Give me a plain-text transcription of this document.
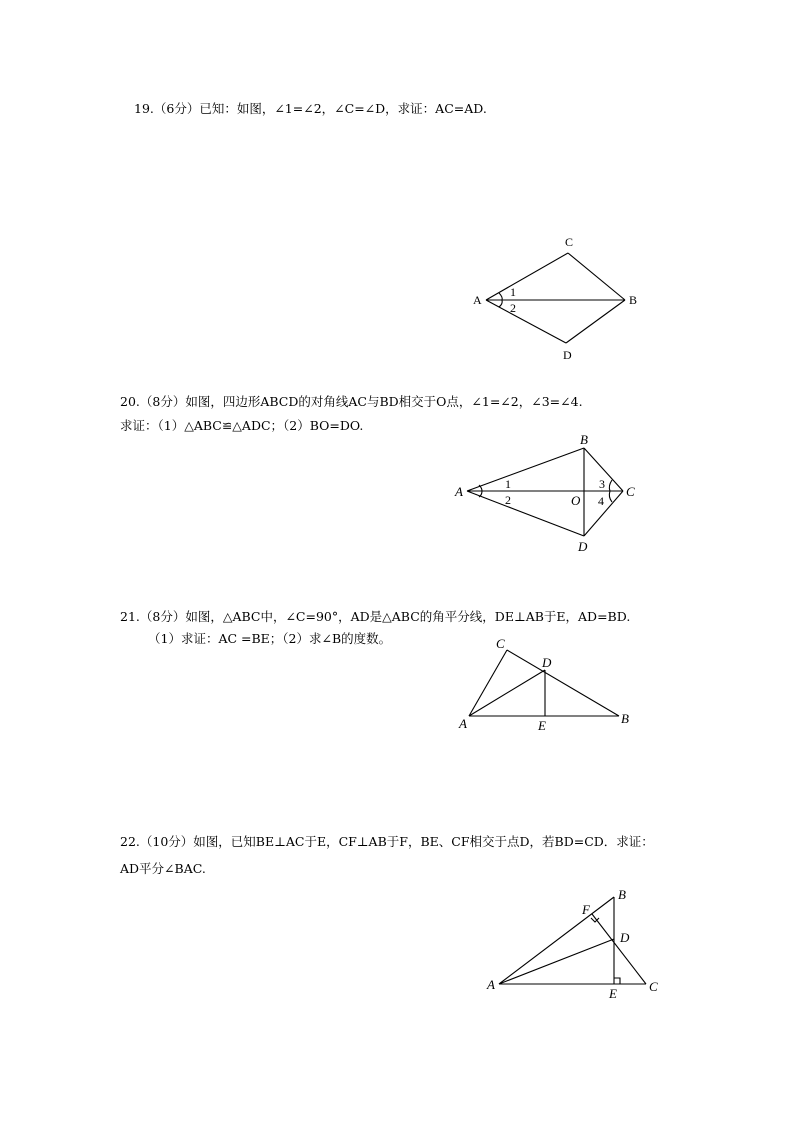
19.（6分）已知：如图，∠1=∠2，∠C=∠D，求证：AC=AD.
C
A	B
D
1
2
20.（8分）如图，四边形ABCD的对角线AC与BD相交于O点，∠1=∠2，∠3=∠4.
求证：（1）△ABC≌△ADC；（2）BO=DO.
B
A	C
O
D
1
2
3
4
21.（8分）如图，△ABC中，∠C=90°，AD是△ABC的角平分线，DE⊥AB于E，AD=BD.
（1）求证：AC =BE；（2）求∠B的度数。	C
D
A	E	B
22.（10分）如图，已知BE⊥AC于E，CF⊥AB于F，BE、CF相交于点D，若BD=CD．求证：
AD平分∠BAC.
B
F
D
A
E C
